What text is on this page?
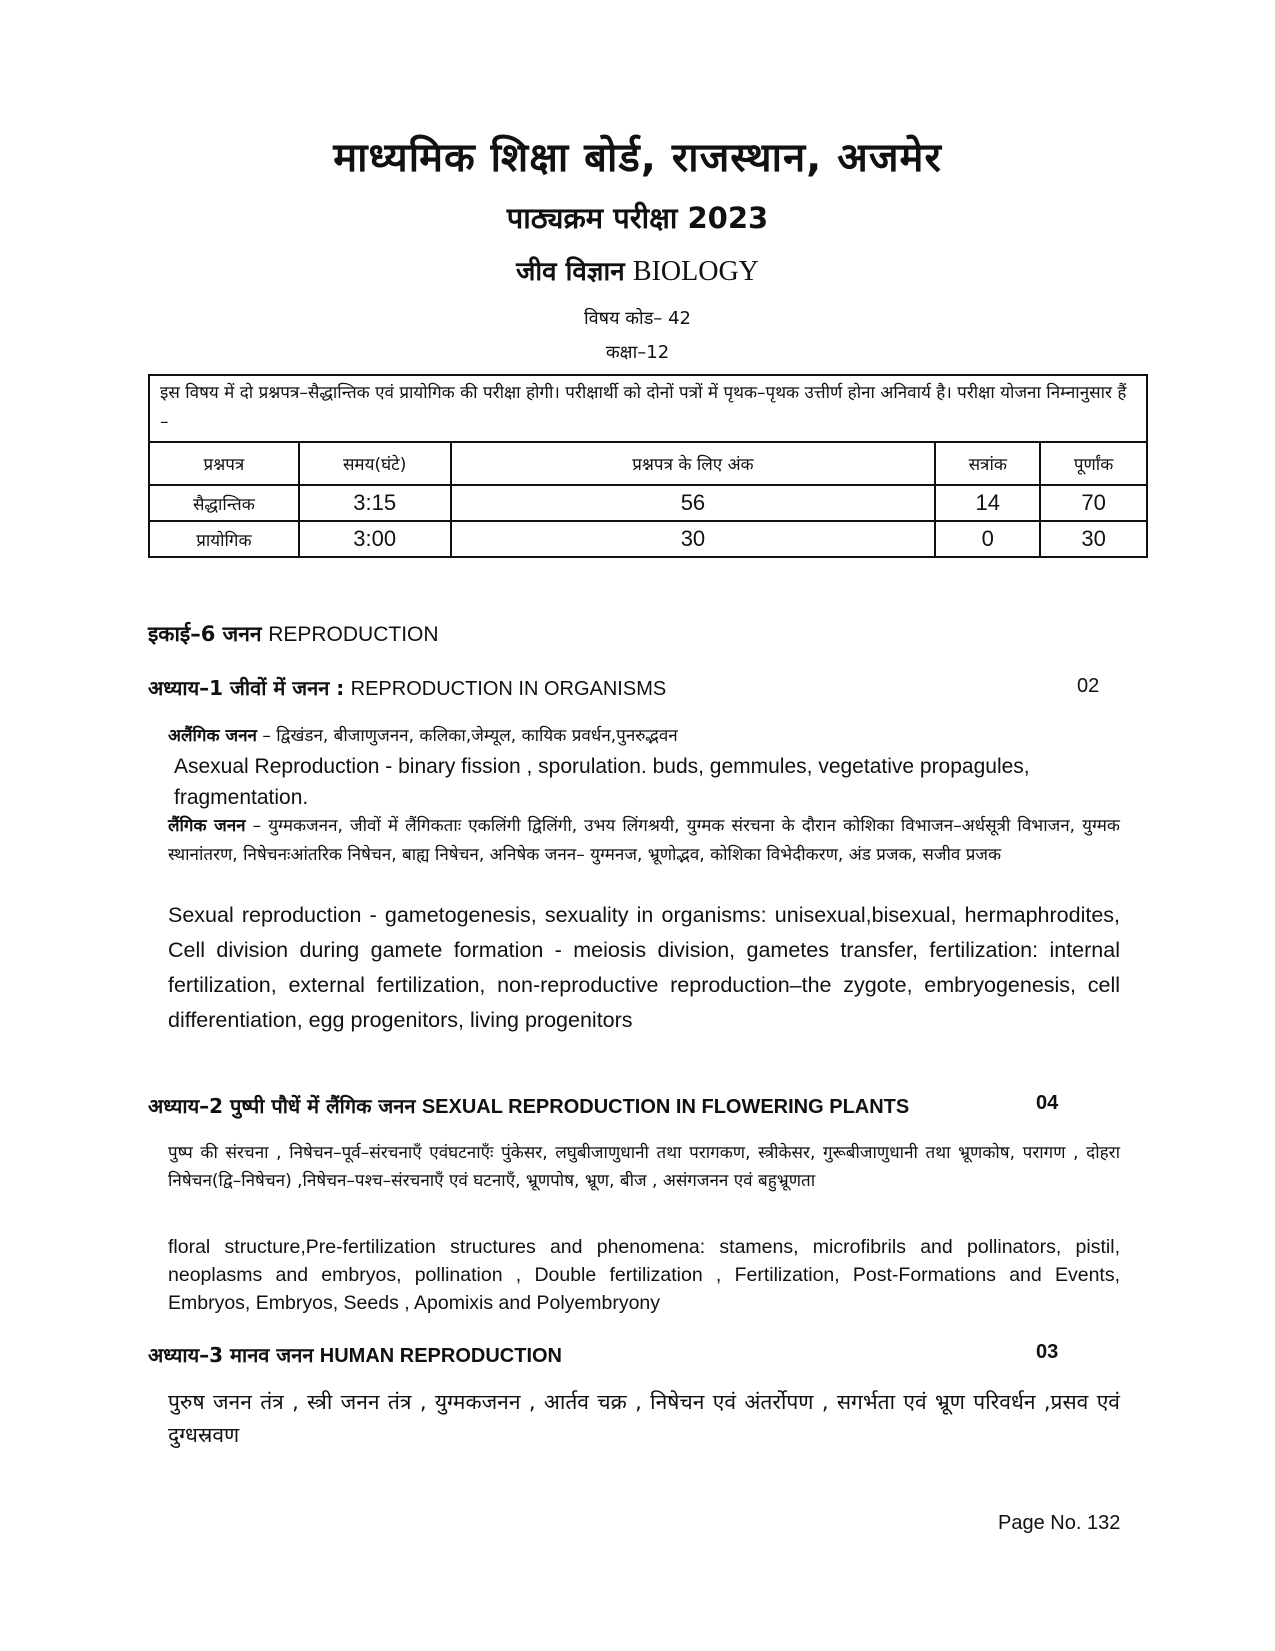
माध्यमिक शिक्षा बोर्ड, राजस्थान, अजमेर
पाठ्यक्रम परीक्षा 2023
जीव विज्ञान BIOLOGY
विषय कोड– 42
कक्षा–12
इस विषय में दो प्रश्नपत्र–सैद्धान्तिक एवं प्रायोगिक की परीक्षा होगी। परीक्षार्थी को दोनों पत्रों में पृथक–पृथक उत्तीर्ण होना अनिवार्य है। परीक्षा योजना निम्नानुसार हैं –				
प्रश्नपत्र	समय(घंटे)	प्रश्नपत्र के लिए अंक	सत्रांक	पूर्णांक
सैद्धान्तिक	3:15	56	14	70
प्रायोगिक	3:00	30	0	30
इकाई–6 जनन REPRODUCTION
अध्याय–1 जीवों में जनन : REPRODUCTION IN ORGANISMS	02
अलैंगिक जनन – द्विखंडन, बीजाणुजनन, कलिका,जेम्यूल, कायिक प्रवर्धन,पुनरुद्भवन
Asexual Reproduction - binary fission , sporulation. buds, gemmules, vegetative propagules, fragmentation.
लैंगिक जनन – युग्मकजनन, जीवों में लैंगिकताः एकलिंगी द्विलिंगी, उभय लिंगश्रयी, युग्मक संरचना के दौरान कोशिका विभाजन–अर्धसूत्री विभाजन, युग्मक स्थानांतरण, निषेचनःआंतरिक निषेचन, बाह्य निषेचन, अनिषेक जनन– युग्मनज, भ्रूणोद्भव, कोशिका विभेदीकरण, अंड प्रजक, सजीव प्रजक
Sexual reproduction - gametogenesis, sexuality in organisms: unisexual,bisexual, hermaphrodites, Cell division during gamete formation - meiosis division, gametes transfer, fertilization: internal fertilization, external fertilization, non-reproductive reproduction–the zygote, embryogenesis, cell differentiation, egg progenitors, living progenitors
अध्याय–2 पुष्पी पौधें में लैंगिक जनन SEXUAL REPRODUCTION IN FLOWERING PLANTS	04
पुष्प की संरचना , निषेचन–पूर्व–संरचनाएँ एवंघटनाएँः पुंकेसर, लघुबीजाणुधानी तथा परागकण, स्त्रीकेसर, गुरूबीजाणुधानी तथा भ्रूणकोष, परागण , दोहरा निषेचन(द्वि–निषेचन) ,निषेचन–पश्च–संरचनाएँ एवं घटनाएँ, भ्रूणपोष, भ्रूण, बीज , असंगजनन एवं बहुभ्रूणता
floral structure,Pre-fertilization structures and phenomena: stamens, microfibrils and pollinators, pistil, neoplasms and embryos, pollination , Double fertilization , Fertilization, Post-Formations and Events, Embryos, Embryos, Seeds , Apomixis and Polyembryony
अध्याय–3 मानव जनन HUMAN REPRODUCTION	03
पुरुष जनन तंत्र , स्त्री जनन तंत्र , युग्मकजनन , आर्तव चक्र , निषेचन एवं अंतर्रोपण , सगर्भता एवं भ्रूण परिवर्धन ,प्रसव एवं दुग्धस्रवण
Page No. 132
